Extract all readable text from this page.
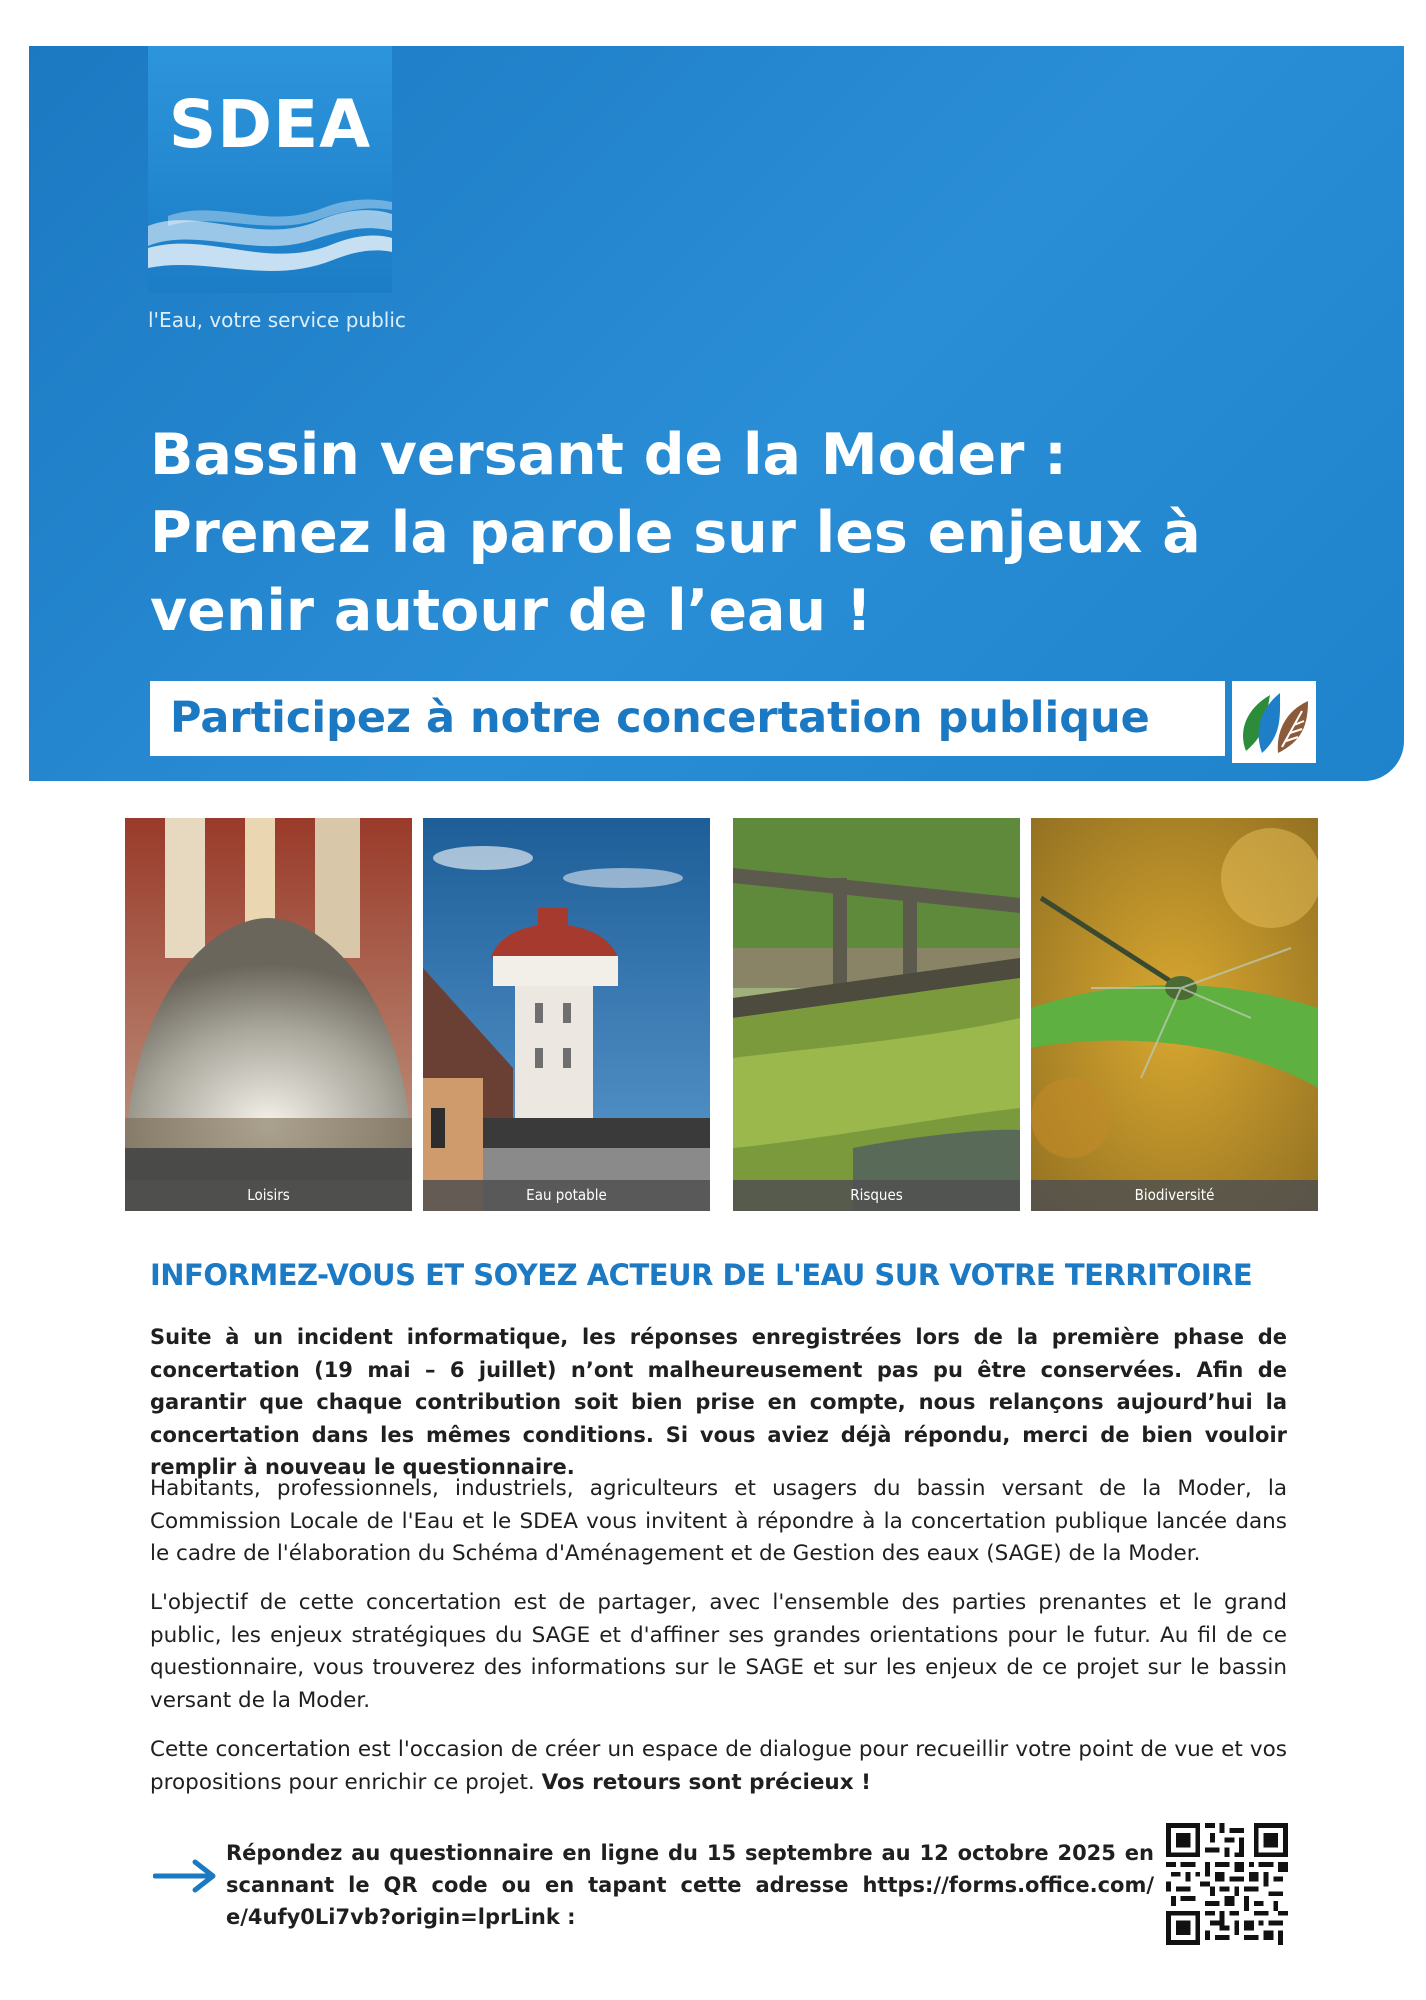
SDEA
l'Eau, votre service public
Bassin versant de la Moder :
Prenez la parole sur les enjeux à
venir autour de l’eau !
Participez à notre concertation publique
Loisirs	Eau potable	Risques	Biodiversité
INFORMEZ-VOUS ET SOYEZ ACTEUR DE L'EAU SUR VOTRE TERRITOIRE

Suite à un incident informatique, les réponses enregistrées lors de la première phase de concertation (19 mai – 6 juillet) n’ont malheureusement pas pu être conservées. Afin de garantir que chaque contribution soit bien prise en compte, nous relançons aujourd’hui la concertation dans les mêmes conditions. Si vous aviez déjà répondu, merci de bien vouloir remplir à nouveau le questionnaire.

Habitants, professionnels, industriels, agriculteurs et usagers du bassin versant de la Moder, la Commission Locale de l'Eau et le SDEA vous invitent à répondre à la concertation publique lancée dans le cadre de l'élaboration du Schéma d'Aménagement et de Gestion des eaux (SAGE) de la Moder.

L'objectif de cette concertation est de partager, avec l'ensemble des parties prenantes et le grand public, les enjeux stratégiques du SAGE et d'affiner ses grandes orientations pour le futur. Au fil de ce questionnaire, vous trouverez des informations sur le SAGE et sur les enjeux de ce projet sur le bassin versant de la Moder.

Cette concertation est l'occasion de créer un espace de dialogue pour recueillir votre point de vue et vos propositions pour enrichir ce projet. Vos retours sont précieux !

Répondez au questionnaire en ligne du 15 septembre au 12 octobre 2025 en scannant le QR code ou en tapant cette adresse https://forms.office.com/ e/4ufy0Li7vb?origin=lprLink :
